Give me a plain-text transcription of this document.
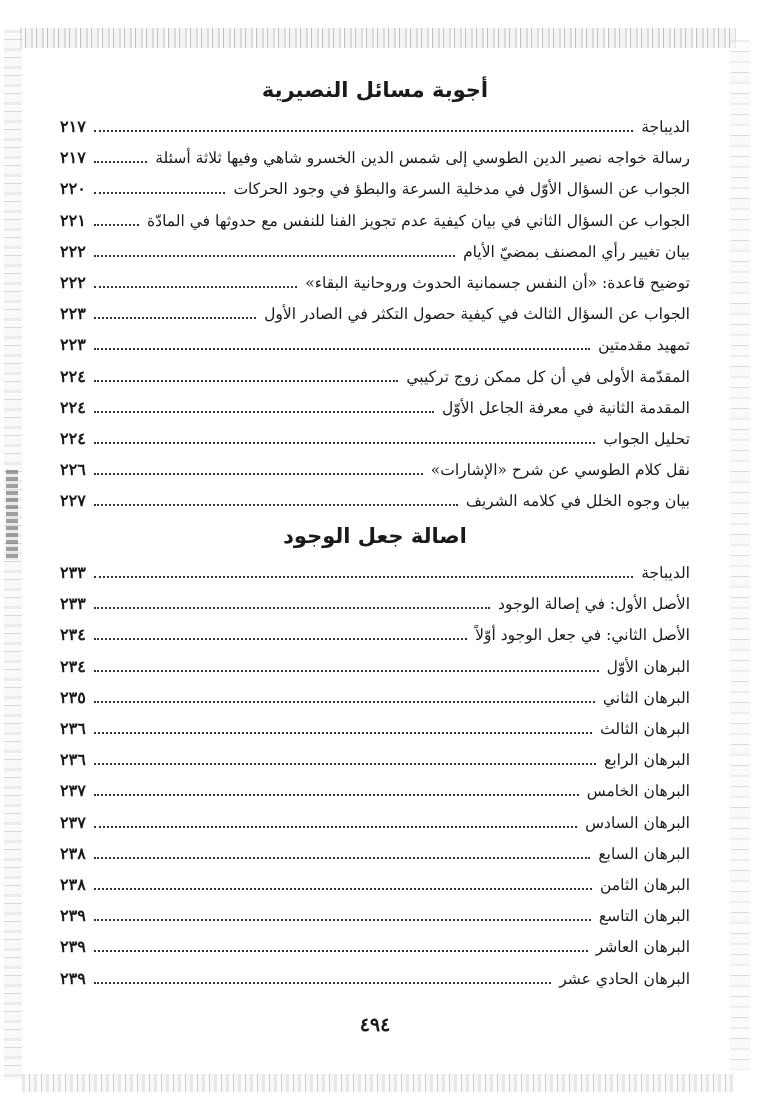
أجوبة مسائل النصيرية
الديباجة
٢١٧
رسالة خواجه نصير الدين الطوسي إلى شمس الدين الخسرو شاهي وفيها ثلاثة أسئلة
٢١٧
الجواب عن السؤال الأوّل في مدخلية السرعة والبطؤ في وجود الحركات
٢٢٠
الجواب عن السؤال الثاني في بيان كيفية عدم تجويز الفنا للنفس مع حدوثها في المادّة
٢٢١
بيان تغيير رأي المصنف بمضيّ الأيام
٢٢٢
توضيح قاعدة: «أن النفس جسمانية الحدوث وروحانية البقاء»
٢٢٢
الجواب عن السؤال الثالث في كيفية حصول التكثر في الصادر الأول
٢٢٣
تمهيد مقدمتين
٢٢٣
المقدّمة الأولى في أن كل ممكن زوج تركيبي
٢٢٤
المقدمة الثانية في معرفة الجاعل الأوّل
٢٢٤
تحليل الجواب
٢٢٤
نقل كلام الطوسي عن شرح «الإشارات»
٢٢٦
بيان وجوه الخلل في كلامه الشريف
٢٢٧
اصالة جعل الوجود
الديباجة
٢٣٣
الأصل الأول: في إصالة الوجود
٢٣٣
الأصل الثاني: في جعل الوجود أوّلاً
٢٣٤
البرهان الأوّل
٢٣٤
البرهان الثاني
٢٣٥
البرهان الثالث
٢٣٦
البرهان الرابع
٢٣٦
البرهان الخامس
٢٣٧
البرهان السادس
٢٣٧
البرهان السابع
٢٣٨
البرهان الثامن
٢٣٨
البرهان التاسع
٢٣٩
البرهان العاشر
٢٣٩
البرهان الحادي عشر
٢٣٩
٤٩٤
